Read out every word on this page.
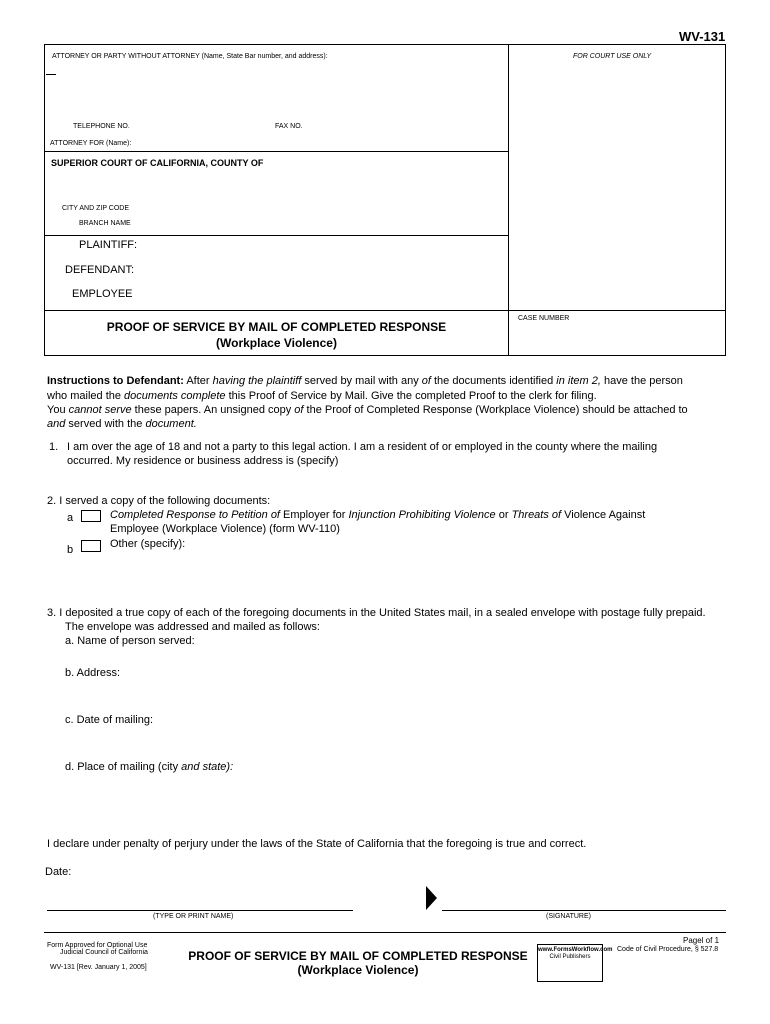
WV-131
ATTORNEY OR PARTY WITHOUT ATTORNEY (Name, State Bar number, and address):	FOR COURT USE ONLY
TELEPHONE NO.	FAX NO.
ATTORNEY FOR (Name):
SUPERIOR COURT OF CALIFORNIA, COUNTY OF
CITY AND ZIP CODE
BRANCH NAME
PLAINTIFF:
DEFENDANT:
EMPLOYEE
CASE NUMBER
PROOF OF SERVICE BY MAIL OF COMPLETED RESPONSE
(Workplace Violence)
Instructions to Defendant: After having the plaintiff served by mail with any of the documents identified in item 2, have the person
who mailed the documents complete this Proof of Service by Mail. Give the completed Proof to the clerk for filing.
You cannot serve these papers. An unsigned copy of the Proof of Completed Response (Workplace Violence) should be attached to
and served with the document.
1. I am over the age of 18 and not a party to this legal action. I am a resident of or employed in the county where the mailing
occurred. My residence or business address is (specify)
2. I served a copy of the following documents:
a	Completed Response to Petition of Employer for Injunction Prohibiting Violence or Threats of Violence Against
Employee (Workplace Violence) (form WV-110)
b	Other (specify):
3. I deposited a true copy of each of the foregoing documents in the United States mail, in a sealed envelope with postage fully prepaid.
The envelope was addressed and mailed as follows:
a. Name of person served:
b. Address:
c. Date of mailing:
d. Place of mailing (city and state):
I declare under penalty of perjury under the laws of the State of California that the foregoing is true and correct.
Date:
(TYPE OR PRINT NAME)	(SIGNATURE)
Pagel of 1
Form Approved for Optional Use
Judicial Council of California
WV-131 [Rev. January 1, 2005]
PROOF OF SERVICE BY MAIL OF COMPLETED RESPONSE
(Workplace Violence)
www.FormsWorkflow.com
Civil Publishers
Code of Civil Procedure, § 527.8
